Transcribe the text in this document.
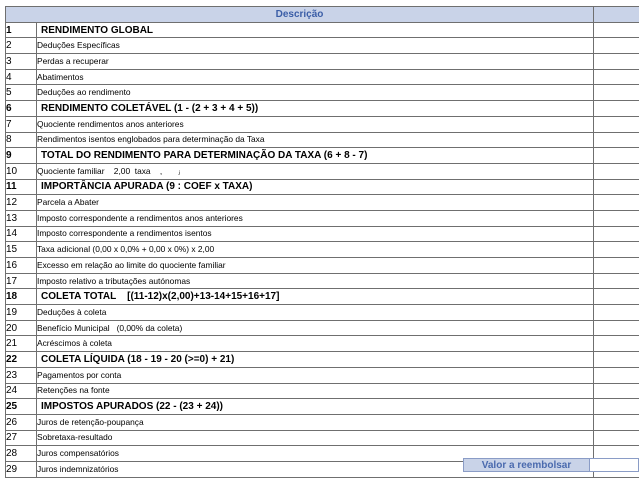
Descrição		
1	RENDIMENTO GLOBAL	
2	Deduções Específicas	
3	Perdas a recuperar	
4	Abatimentos	
5	Deduções ao rendimento	
6	RENDIMENTO COLETÁVEL (1 - (2 + 3 + 4 + 5))	
7	Quociente rendimentos anos anteriores	
8	Rendimentos isentos englobados para determinação da Taxa	
9	TOTAL DO RENDIMENTO PARA DETERMINAÇÃO DA TAXA (6 + 8 - 7)	
10	Quociente familiar    2,00  taxa    ,       ⱼ	
11	IMPORTÂNCIA APURADA (9 : COEF x TAXA)	
12	Parcela a Abater	
13	Imposto correspondente a rendimentos anos anteriores	
14	Imposto correspondente a rendimentos isentos	
15	Taxa adicional (0,00 x 0,0% + 0,00 x 0%) x 2,00	
16	Excesso em relação ao limite do quociente familiar	
17	Imposto relativo a tributações autónomas	
18	COLETA TOTAL    [(11-12)x(2,00)+13-14+15+16+17]	
19	Deduções à coleta	
20	Benefício Municipal   (0,00% da coleta)	
21	Acréscimos à coleta	
22	COLETA LÍQUIDA (18 - 19 - 20 (>=0) + 21)	
23	Pagamentos por conta	
24	Retenções na fonte	
25	IMPOSTOS APURADOS (22 - (23 + 24))	
26	Juros de retenção-poupança	
27	Sobretaxa-resultado	
28	Juros compensatórios	
29	Juros indemnizatórios		Valor a reembolsar
